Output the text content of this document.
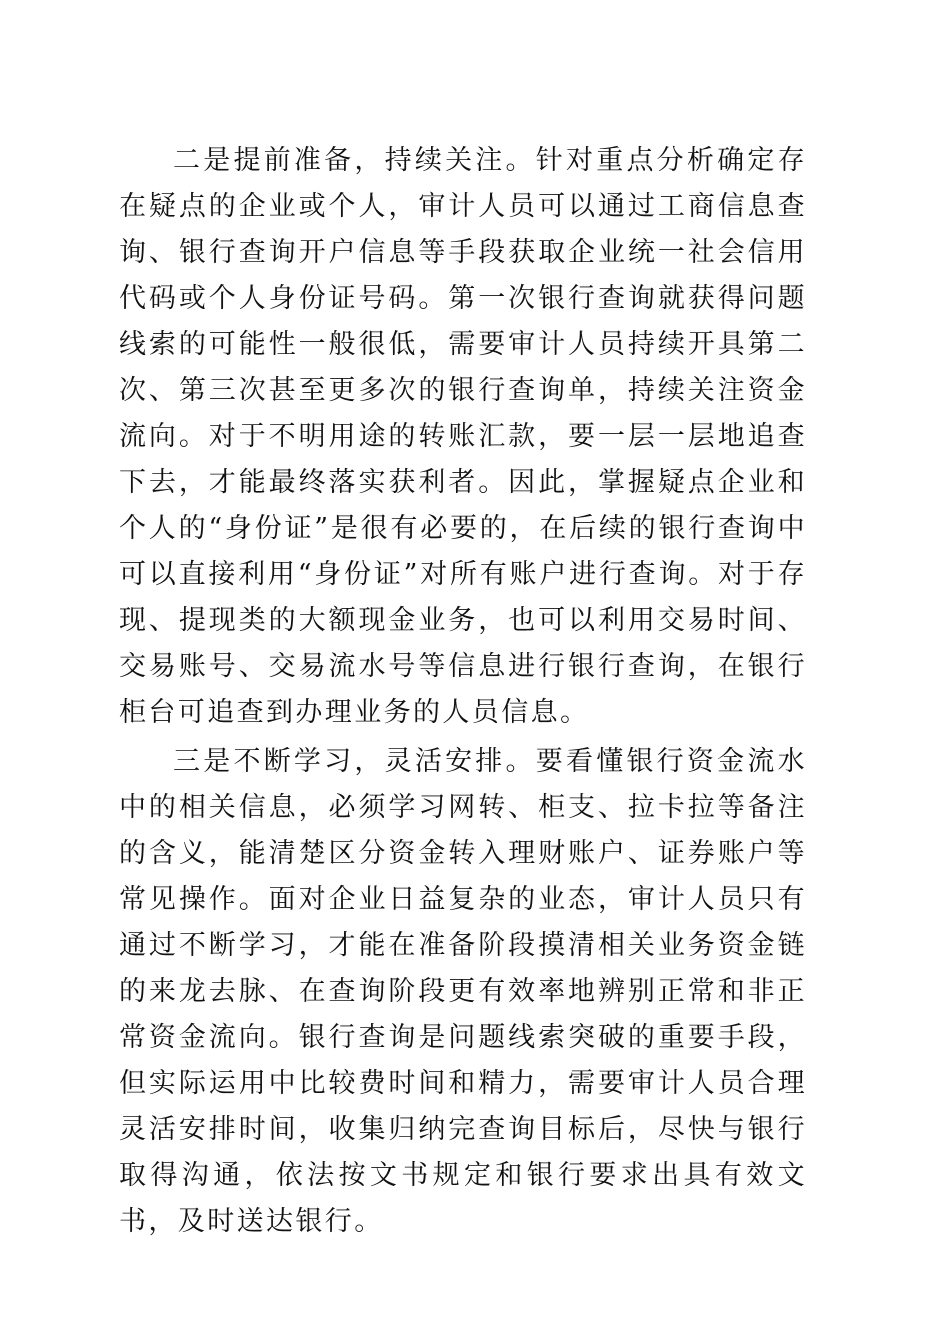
二是提前准备，持续关注。针对重点分析确定存在疑点的企业或个人，审计人员可以通过工商信息查询、银行查询开户信息等手段获取企业统一社会信用代码或个人身份证号码。第一次银行查询就获得问题线索的可能性一般很低，需要审计人员持续开具第二次、第三次甚至更多次的银行查询单，持续关注资金流向。对于不明用途的转账汇款，要一层一层地追查下去，才能最终落实获利者。因此，掌握疑点企业和个人的“身份证”是很有必要的，在后续的银行查询中可以直接利用“身份证”对所有账户进行查询。对于存现、提现类的大额现金业务，也可以利用交易时间、交易账号、交易流水号等信息进行银行查询，在银行柜台可追查到办理业务的人员信息。

三是不断学习，灵活安排。要看懂银行资金流水中的相关信息，必须学习网转、柜支、拉卡拉等备注的含义，能清楚区分资金转入理财账户、证券账户等常见操作。面对企业日益复杂的业态，审计人员只有通过不断学习，才能在准备阶段摸清相关业务资金链的来龙去脉、在查询阶段更有效率地辨别正常和非正常资金流向。银行查询是问题线索突破的重要手段，但实际运用中比较费时间和精力，需要审计人员合理灵活安排时间，收集归纳完查询目标后，尽快与银行取得沟通，依法按文书规定和银行要求出具有效文书，及时送达银行。
